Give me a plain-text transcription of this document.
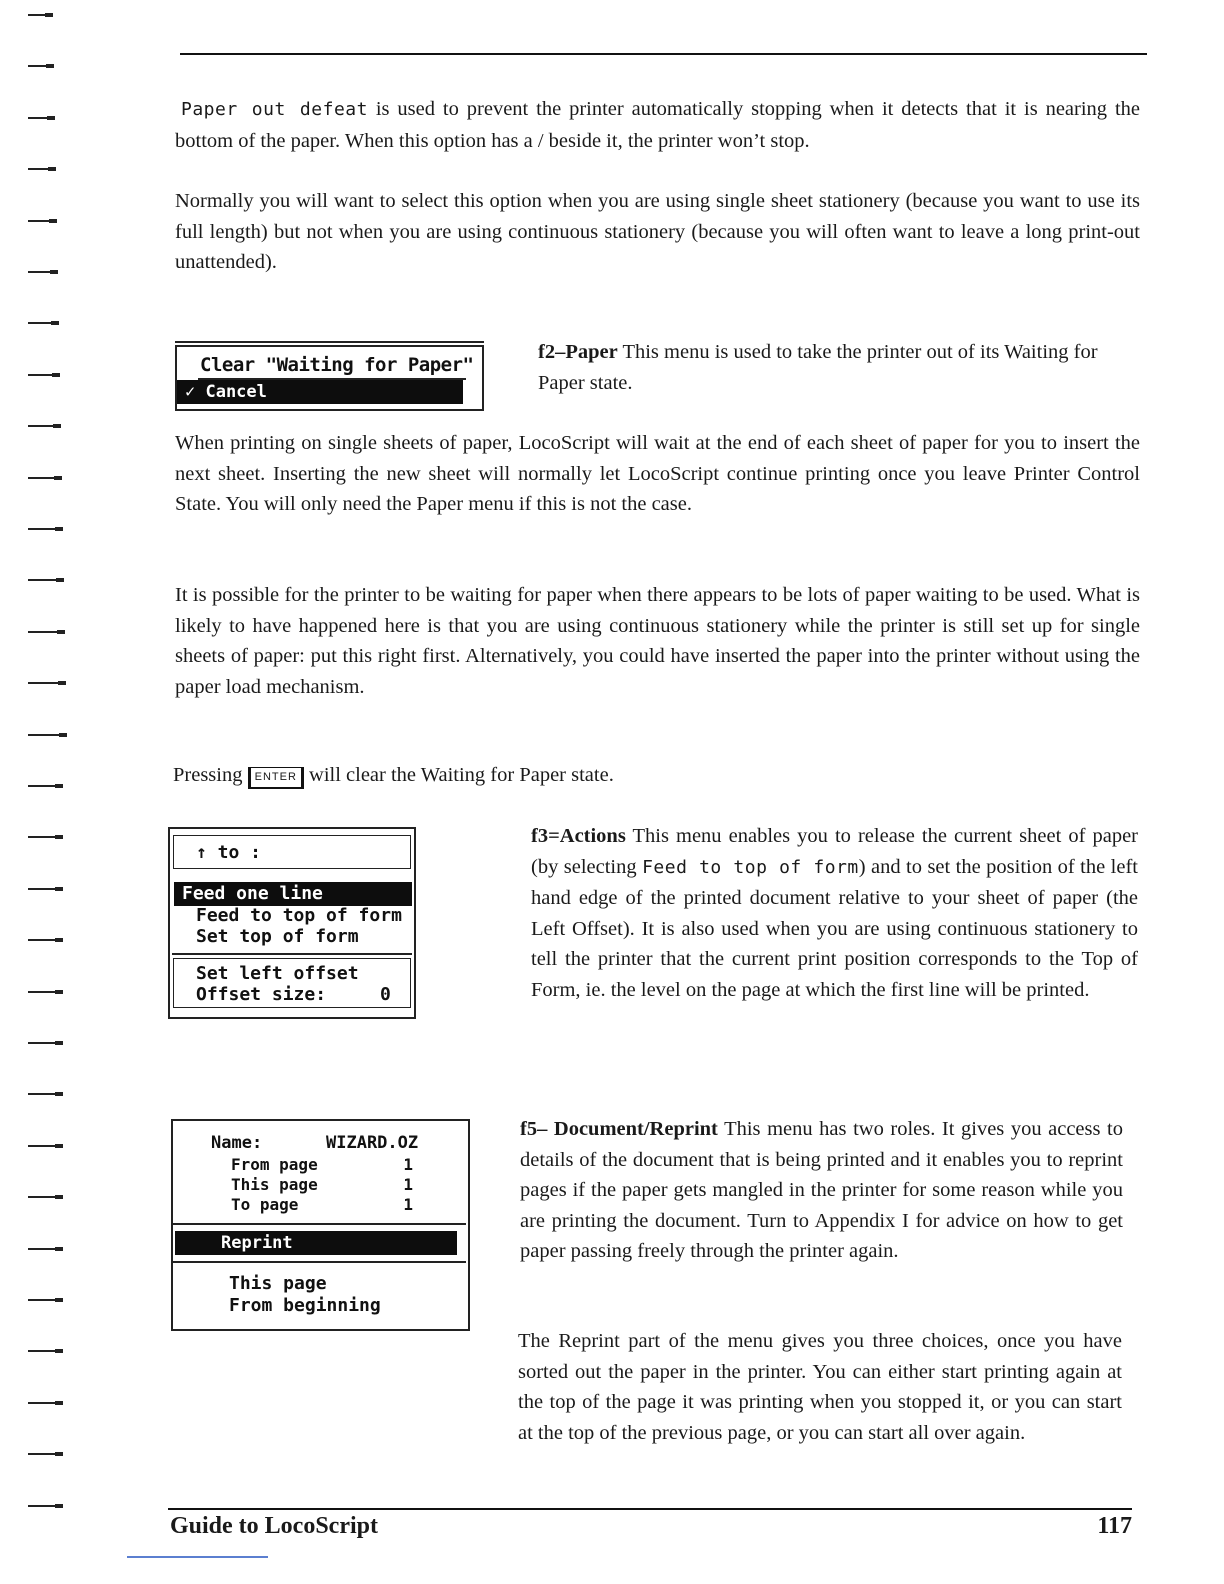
Paper out defeat is used to prevent the printer automatically stopping when it detects that it is nearing the bottom of the paper. When this option has a / beside it, the printer won’t stop.

Normally you will want to select this option when you are using single sheet stationery (because you want to use its full length) but not when you are using continuous stationery (because you will often want to leave a long print-out unattended).

Clear "Waiting for Paper"
✓ Cancel

f2–Paper This menu is used to take the printer out of its Waiting for Paper state.

When printing on single sheets of paper, LocoScript will wait at the end of each sheet of paper for you to insert the next sheet. Inserting the new sheet will normally let LocoScript continue printing once you leave Printer Control State. You will only need the Paper menu if this is not the case.

It is possible for the printer to be waiting for paper when there appears to be lots of paper waiting to be used. What is likely to have happened here is that you are using continuous stationery while the printer is still set up for single sheets of paper: put this right first. Alternatively, you could have inserted the paper into the printer without using the paper load mechanism.

Pressing ENTER will clear the Waiting for Paper state.

↑ to :
Feed one line
Feed to top of form
Set top of form
Set left offset
Offset size:	0

f3=Actions This menu enables you to release the current sheet of paper (by selecting Feed to top of form) and to set the position of the left hand edge of the printed document relative to your sheet of paper (the Left Offset). It is also used when you are using continuous stationery to tell the printer that the current print position corresponds to the Top of Form, ie. the level on the page at which the first line will be printed.

Name:	WIZARD.OZ
From page	1
This page	1
To page	1
Reprint
This page
From beginning

f5– Document/Reprint This menu has two roles. It gives you access to details of the document that is being printed and it enables you to reprint pages if the paper gets mangled in the printer for some reason while you are printing the document. Turn to Appendix I for advice on how to get paper passing freely through the printer again.

The Reprint part of the menu gives you three choices, once you have sorted out the paper in the printer. You can either start printing again at the top of the page it was printing when you stopped it, or you can start at the top of the previous page, or you can start all over again.

Guide to LocoScript	117
